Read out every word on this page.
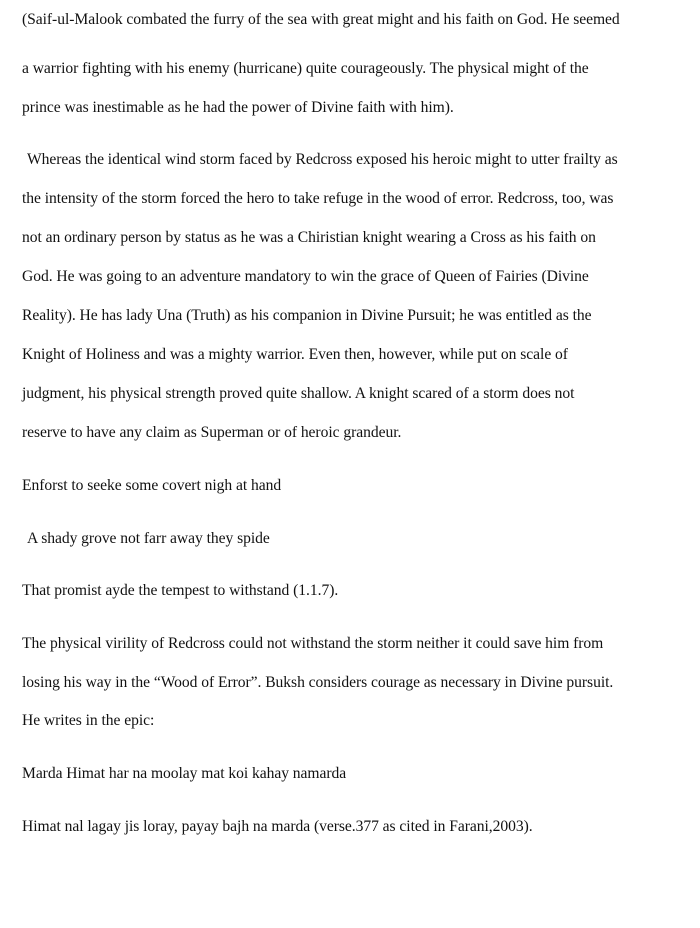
(Saif-ul-Malook combated the furry of the sea with great might and his faith on God. He seemed
a warrior fighting with his enemy (hurricane) quite courageously. The physical might of the
prince was inestimable as he had the power of Divine faith with him).
Whereas the identical wind storm faced by Redcross exposed his heroic might to utter frailty as
the intensity of the storm forced the hero to take refuge in the wood of error. Redcross, too, was
not an ordinary person by status as he was a Chiristian knight wearing a Cross as his faith on
God. He was going to an adventure mandatory to win the grace of Queen of Fairies (Divine
Reality). He has lady Una (Truth) as his companion in Divine Pursuit; he was entitled as the
Knight of Holiness and was a mighty warrior. Even then, however, while put on scale of
judgment, his physical strength proved quite shallow. A knight scared of a storm does not
reserve to have any claim as Superman or of heroic grandeur.
Enforst to seeke some covert nigh at hand
A shady grove not farr away they spide
That promist ayde the tempest to withstand (1.1.7).
The physical virility of Redcross could not withstand the storm neither it could save him from
losing his way in the “Wood of Error”. Buksh considers courage as necessary in Divine pursuit.
He writes in the epic:
Marda Himat har na moolay mat koi kahay namarda
Himat nal lagay jis loray, payay bajh na marda (verse.377 as cited in Farani,2003).
